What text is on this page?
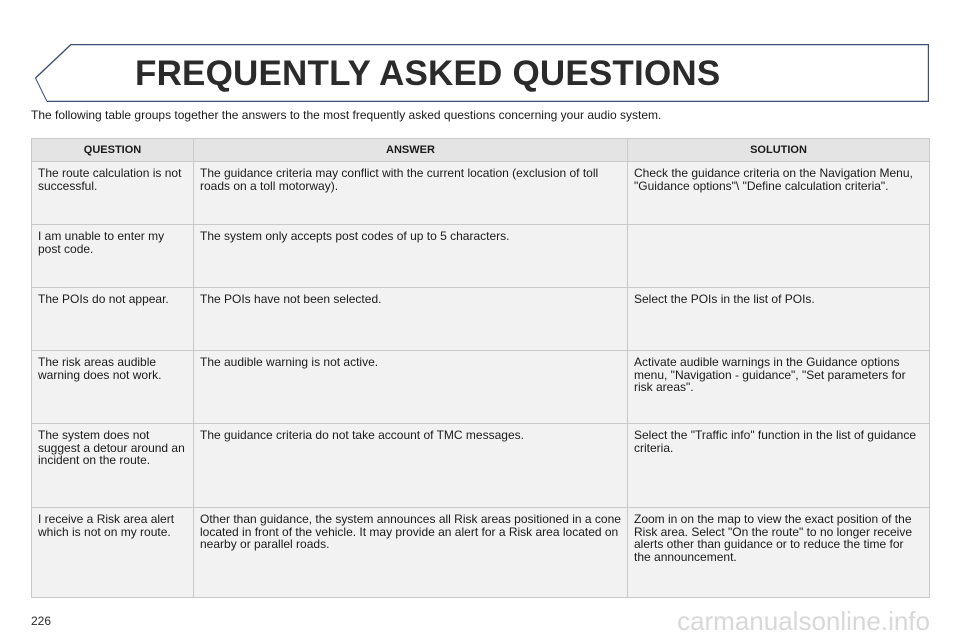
FREQUENTLY ASKED QUESTIONS
The following table groups together the answers to the most frequently asked questions concerning your audio system.
QUESTION	ANSWER	SOLUTION
The route calculation is not successful.	The guidance criteria may conflict with the current location (exclusion of toll roads on a toll motorway).	Check the guidance criteria on the Navigation Menu, "Guidance options"\ "Define calculation criteria".
I am unable to enter my post code.	The system only accepts post codes of up to 5 characters.	
The POIs do not appear.	The POIs have not been selected.	Select the POIs in the list of POIs.
The risk areas audible warning does not work.	The audible warning is not active.	Activate audible warnings in the Guidance options menu, "Navigation - guidance", "Set parameters for risk areas".
The system does not suggest a detour around an incident on the route.	The guidance criteria do not take account of TMC messages.	Select the "Traffic info" function in the list of guidance criteria.
I receive a Risk area alert which is not on my route.	Other than guidance, the system announces all Risk areas positioned in a cone located in front of the vehicle. It may provide an alert for a Risk area located on nearby or parallel roads.	Zoom in on the map to view the exact position of the Risk area. Select "On the route" to no longer receive alerts other than guidance or to reduce the time for the announcement.
226	carmanualsonline.info
